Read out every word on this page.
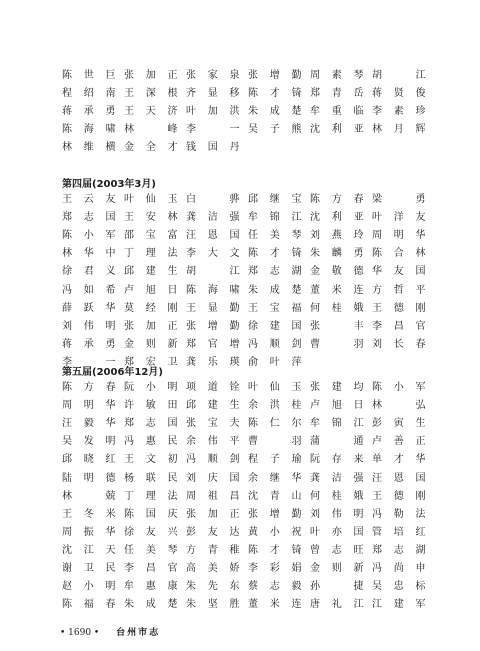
陈世巨 张加正 张家泉 张增勤 周素琴 胡　江
程绍南 王深根 齐显移 陈才锜 郑青岳 蒋贤俊
蒋承勇 王天济 叶加洪 朱成楚 牟重临 李素珍
陈海啸 林　峰 李　一 吴子熊 沈利亚 林月辉
林维横 金全才 钱国丹
第四届(2003年3月)
王云友 叶仙玉 白　骅 邱继宝 陈方春 梁　勇
郑志国 王安林 龚洁强 牟锦江 沈利亚 叶洋友
陈小军 邵宝富 汪恩国 任美琴 刘燕玲 周明华
林华中 丁理法 李大文 陈才锜 朱麟勇 陈合林
徐君义 邱建生 胡　江 郑志湖 金敬德 华友国
冯如希 卢旭日 陈海啸 朱成楚 董米连 方哲平
薛跃华 莫经刚 王显勤 王宝福 何桂娥 王德刚
刘伟明 张加正 张增勤 徐建国 张　丰 李昌官
蒋承勇 金则新 郑官增 冯顺剑 曹　羽 刘长春
李　一 郑宏卫 龚乐瑛 俞叶萍
第五届(2006年12月)
陈方春 阮小明 项道铨 叶仙玉 张建均 陈小军
周明华 许敏田 邱建生 余洪桂 卢旭日 林　弘
汪毅华 郑志国 张宝夫 陈仁尔 牟锦江 彭寅生
吴发明 冯惠民 余伟平 曹　羽 蒲　通 卢善正
邱晓红 王文初 冯顺剑 程子瑜 阮存来 单才华
陆明德 杨联民 刘庆国 余继华 龚洁强 汪恩国
林　兢 丁理法 周祖昌 沈青山 何桂娥 王德刚
王冬米 陈国庆 张加正 张增勤 刘伟明 冯勒法
周振华 徐友兴 彭友达 黄小祝 叶亦国 管培红
沈江天 任美琴 方青稚 陈才锜 曾志旺 郑志湖
谢卫民 李昌官 高美娇 李彩娟 金则新 冯尚申
赵小明 牟惠康 朱先东 蔡志毅 孙　捷 吴忠标
陈福春 朱成楚 朱坚胜 董米连 唐礼江 江建军
• 1690 • 台州市志
